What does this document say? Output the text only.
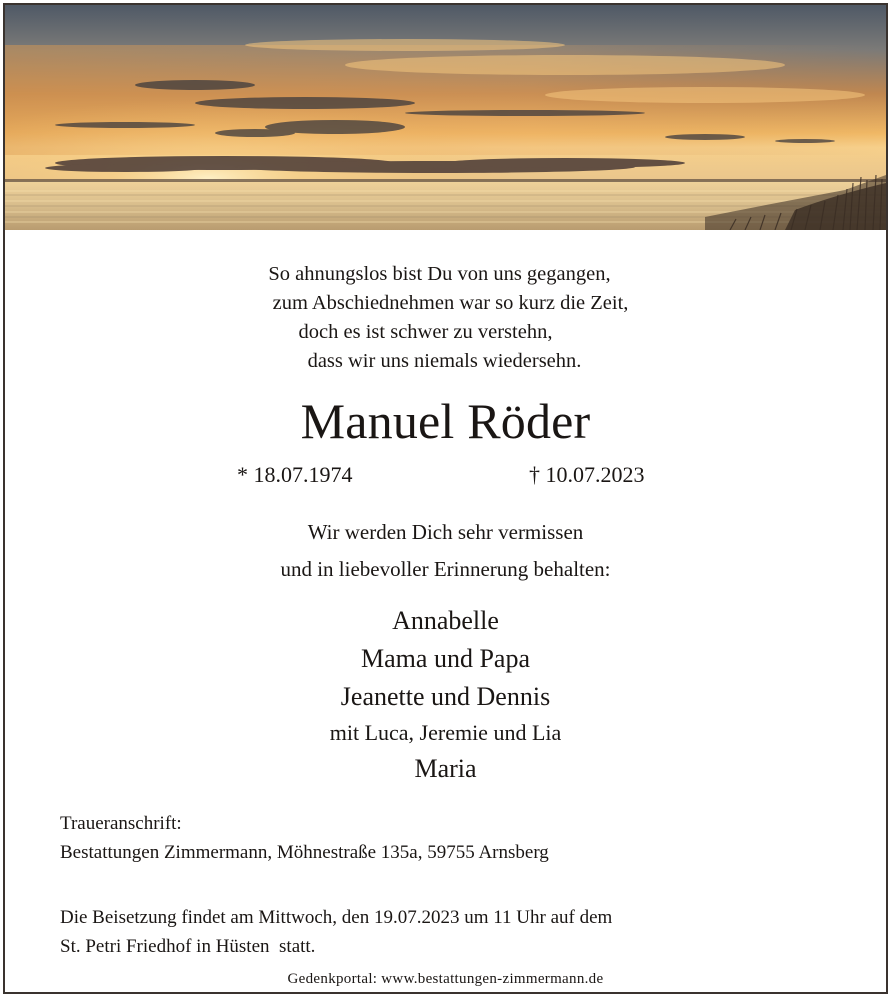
So ahnungslos bist Du von uns gegangen,
zum Abschiednehmen war so kurz die Zeit,
doch es ist schwer zu verstehn,
dass wir uns niemals wiedersehn.
Manuel Röder
* 18.07.1974	† 10.07.2023
Wir werden Dich sehr vermissen
und in liebevoller Erinnerung behalten:
Annabelle
Mama und Papa
Jeanette und Dennis
mit Luca, Jeremie und Lia
Maria
Traueranschrift:
Bestattungen Zimmermann, Möhnestraße 135a, 59755 Arnsberg
Die Beisetzung findet am Mittwoch, den 19.07.2023 um 11 Uhr auf dem
St. Petri Friedhof in Hüsten  statt.
Gedenkportal: www.bestattungen-zimmermann.de
